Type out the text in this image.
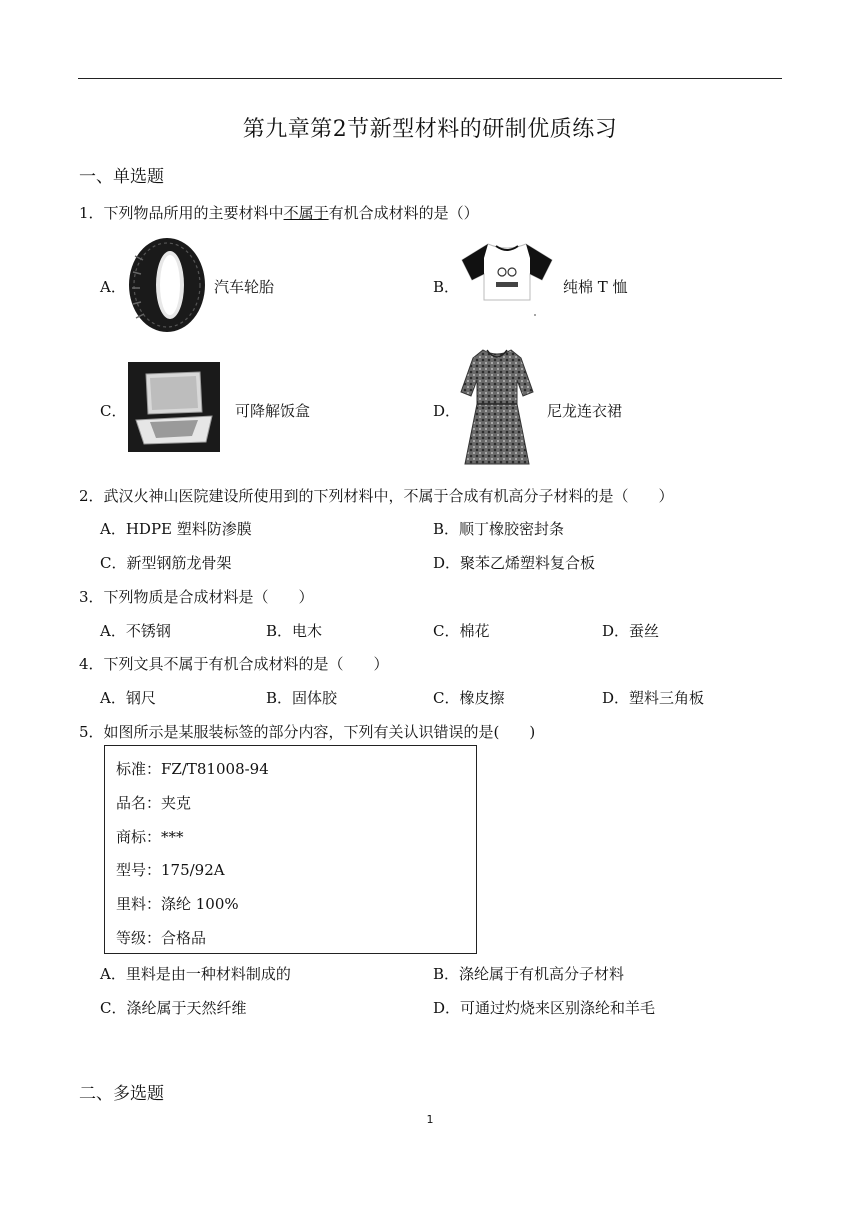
第九章第2节新型材料的研制优质练习
一、单选题
1．下列物品所用的主要材料中不属于有机合成材料的是（）
A．	汽车轮胎	B．	纯棉 T 恤
C．	可降解饭盒	D．	尼龙连衣裙
2．武汉火神山医院建设所使用到的下列材料中，不属于合成有机高分子材料的是（　　）
A．HDPE 塑料防渗膜	B．顺丁橡胶密封条
C．新型钢筋龙骨架	D．聚苯乙烯塑料复合板
3．下列物质是合成材料是（　　）
A．不锈钢	B．电木	C．棉花	D．蚕丝
4．下列文具不属于有机合成材料的是（　　）
A．钢尺	B．固体胶	C．橡皮擦	D．塑料三角板
5．如图所示是某服装标签的部分内容，下列有关认识错误的是(　　)
标准：FZ/T81008-94
品名：夹克
商标：***
型号：175/92A
里料：涤纶 100%
等级：合格品
A．里料是由一种材料制成的	B．涤纶属于有机高分子材料
C．涤纶属于天然纤维	D．可通过灼烧来区别涤纶和羊毛
二、多选题
1
